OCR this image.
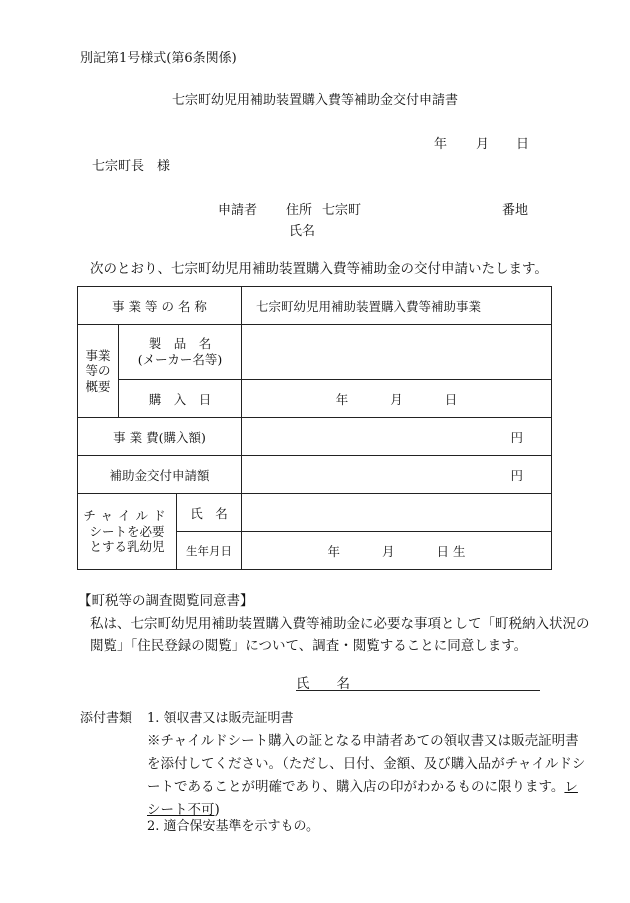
別記第1号様式(第6条関係)
七宗町幼児用補助装置購入費等補助金交付申請書
年 月 日
七宗町長　様
申請者 住所 七宗町	番地
氏名
次のとおり、七宗町幼児用補助装置購入費等補助金の交付申請いたします。
事 業 等 の 名 称			七宗町幼児用補助装置購入費等補助事業

事業
等の
概要	製　品　名
(メーカー名等)		

	購　入　日		年 月 日
事 業 費(購入額)			円
補助金交付申請額			円

チャイルド
シートを必要
とする乳幼児		氏　名	
		生年月日	年 月 日 生
【町税等の調査閲覧同意書】
私は、七宗町幼児用補助装置購入費等補助金に必要な事項として「町税納入状況の閲覧」「住民登録の閲覧」について、調査・閲覧することに同意します。
氏　　名
添付書類 1. 領収書又は販売証明書
※チャイルドシート購入の証となる申請者あての領収書又は販売証明書を添付してください。（ただし、日付、金額、及び購入品がチャイルドシートであることが明確であり、購入店の印がわかるものに限ります。レシート不可)
2. 適合保安基準を示すもの。
